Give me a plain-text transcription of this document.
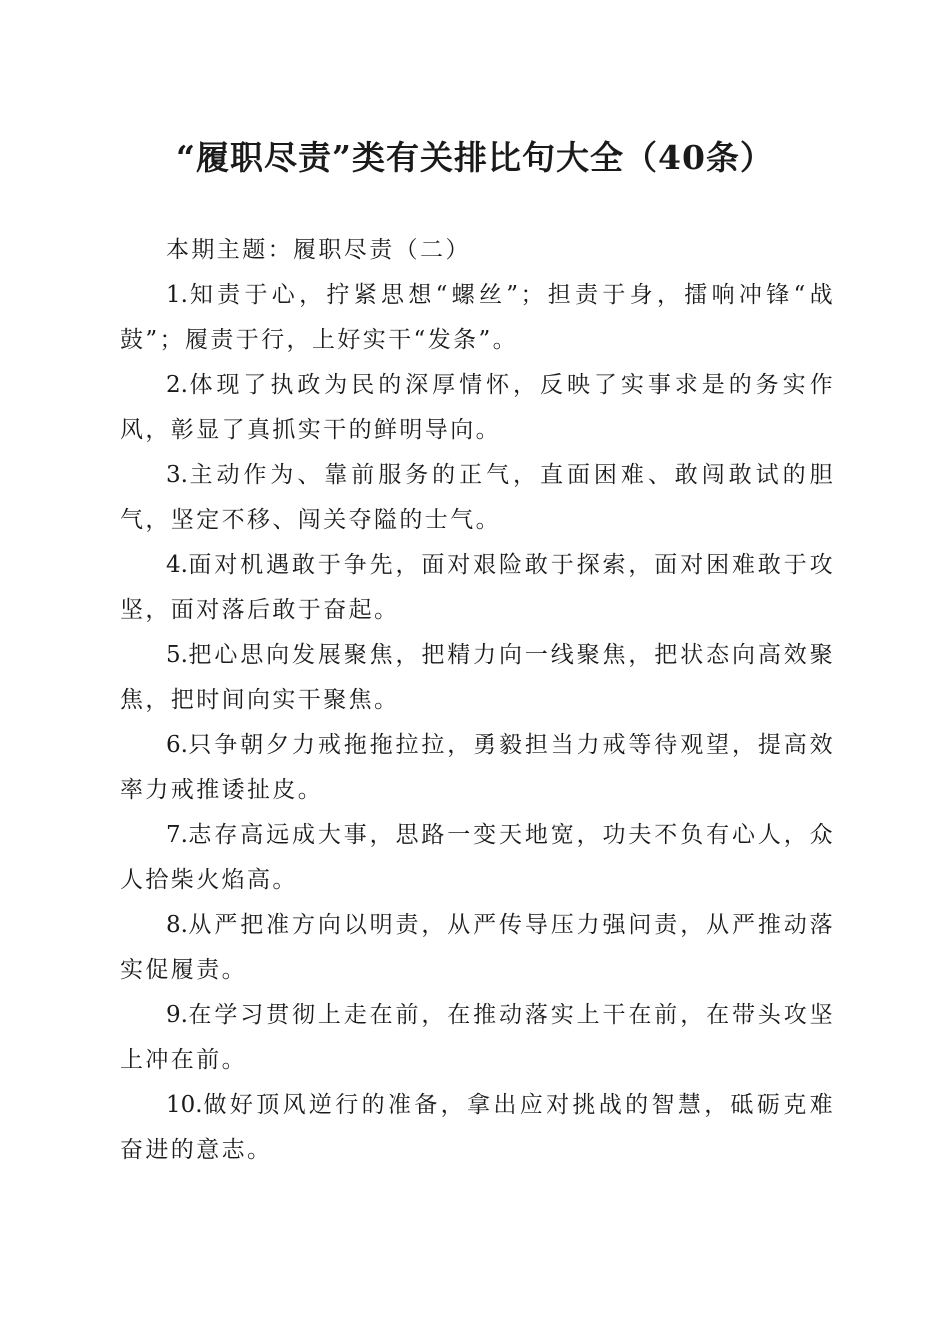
“履职尽责”类有关排比句大全（40条）

本期主题：履职尽责（二）

1.知责于心，拧紧思想“螺丝”；担责于身，擂响冲锋“战鼓”；履责于行，上好实干“发条”。

2.体现了执政为民的深厚情怀，反映了实事求是的务实作风，彰显了真抓实干的鲜明导向。

3.主动作为、靠前服务的正气，直面困难、敢闯敢试的胆气，坚定不移、闯关夺隘的士气。

4.面对机遇敢于争先，面对艰险敢于探索，面对困难敢于攻坚，面对落后敢于奋起。

5.把心思向发展聚焦，把精力向一线聚焦，把状态向高效聚焦，把时间向实干聚焦。

6.只争朝夕力戒拖拖拉拉，勇毅担当力戒等待观望，提高效率力戒推诿扯皮。

7.志存高远成大事，思路一变天地宽，功夫不负有心人，众人拾柴火焰高。

8.从严把准方向以明责，从严传导压力强问责，从严推动落实促履责。

9.在学习贯彻上走在前，在推动落实上干在前，在带头攻坚上冲在前。

10.做好顶风逆行的准备，拿出应对挑战的智慧，砥砺克难奋进的意志。
